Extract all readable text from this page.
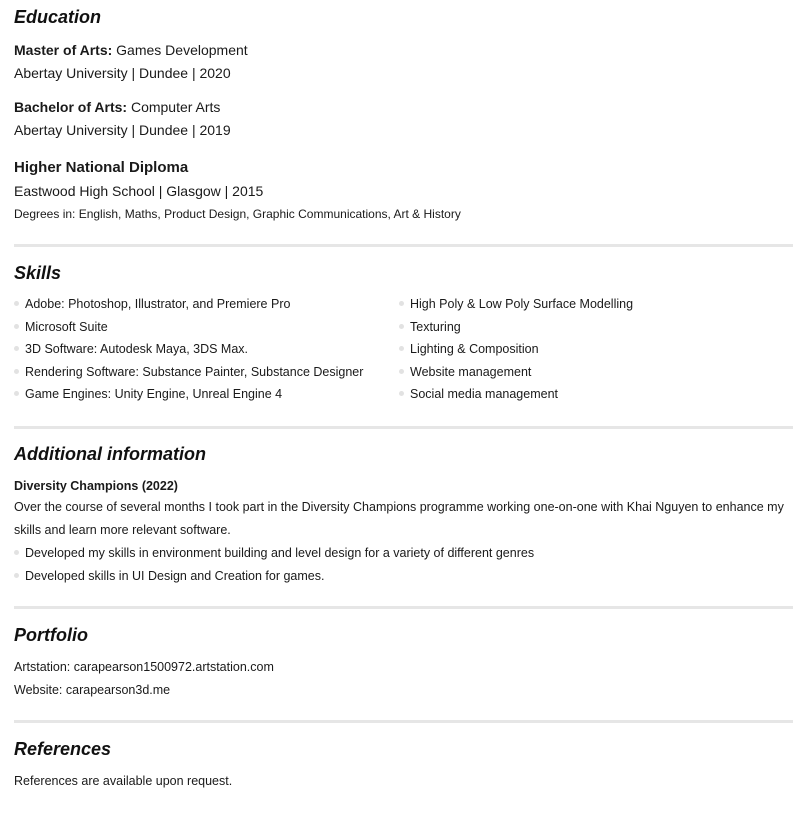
Education
Master of Arts: Games Development
Abertay University | Dundee | 2020
Bachelor of Arts: Computer Arts
Abertay University | Dundee | 2019
Higher National Diploma
Eastwood High School | Glasgow | 2015
Degrees in: English, Maths, Product Design, Graphic Communications, Art & History
Skills
Adobe: Photoshop, Illustrator, and Premiere Pro
Microsoft Suite
3D Software: Autodesk Maya, 3DS Max.
Rendering Software: Substance Painter, Substance Designer
Game Engines: Unity Engine, Unreal Engine 4
High Poly & Low Poly Surface Modelling
Texturing
Lighting & Composition
Website management
Social media management
Additional information
Diversity Champions (2022)

Over the course of several months I took part in the Diversity Champions programme working one-on-one with Khai Nguyen to enhance my skills and learn more relevant software.

Developed my skills in environment building and level design for a variety of different genres
Developed skills in UI Design and Creation for games.
Portfolio
Artstation: carapearson1500972.artstation.com
Website: carapearson3d.me
References
References are available upon request.
